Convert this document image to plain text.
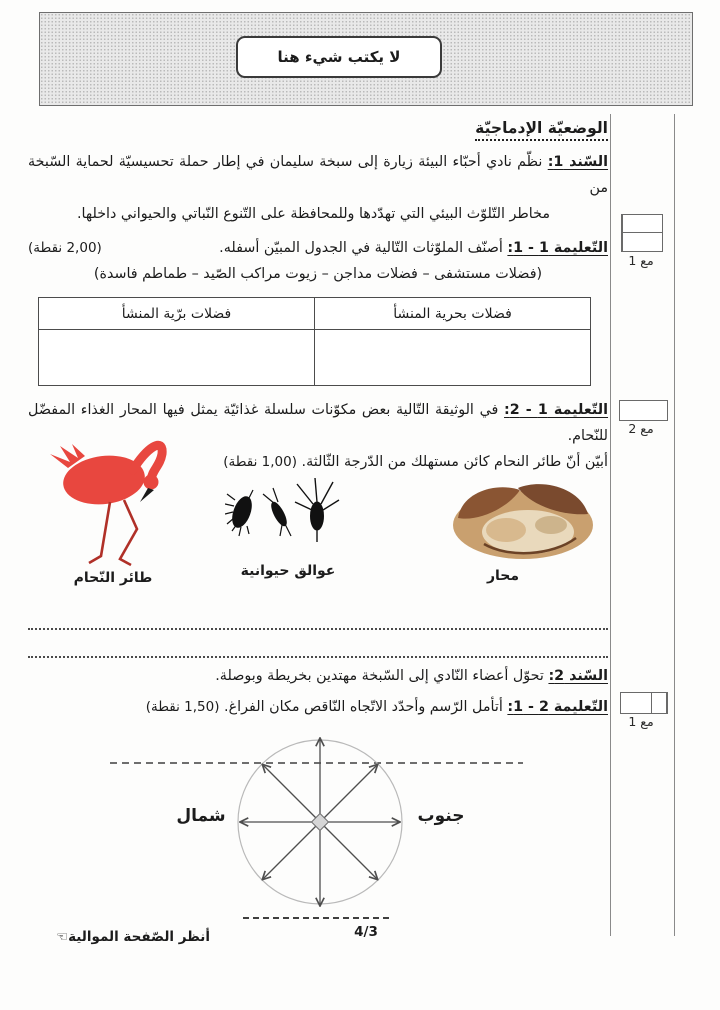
لا يكتب شيء هنا
مع 1
مع 2
مع 1
الوضعيّة الإدماجيّة
السّند 1: نظّم نادي أحبّاء البيئة زيارة إلى سبخة سليمان في إطار حملة تحسيسيّة لحماية السّبخة من
مخاطر التّلوّث البيئي التي تهدّدها وللمحافظة على التّنوع النّباتي والحيواني داخلها.
التّعليمة 1 - 1: أصنّف الملوّثات التّالية في الجدول المبيّن أسفله.
(2,00 نقطة)
(فضلات مستشفى – فضلات مداجن – زيوت مراكب الصّيد – طماطم فاسدة)
فضلات بحرية المنشأ	فضلات برّية المنشأ

التّعليمة 1 - 2: في الوثيقة التّالية بعض مكوّنات سلسلة غذائيّة يمثل فيها المحار الغذاء المفضّل للنّحام.
أبيّن أنّ طائر النحام كائن مستهلك من الدّرجة الثّالثة. (1,00 نقطة)
طائر النّحام	عوالق حيوانية	محار
السّند 2: تحوّل أعضاء النّادي إلى السّبخة مهتدين بخريطة وبوصلة.
التّعليمة 2 - 1: أتأمل الرّسم وأحدّد الاتّجاه النّاقص مكان الفراغ. (1,50 نقطة)
شمال	جنوب
4/3
أنظر الصّفحة الموالية☜
